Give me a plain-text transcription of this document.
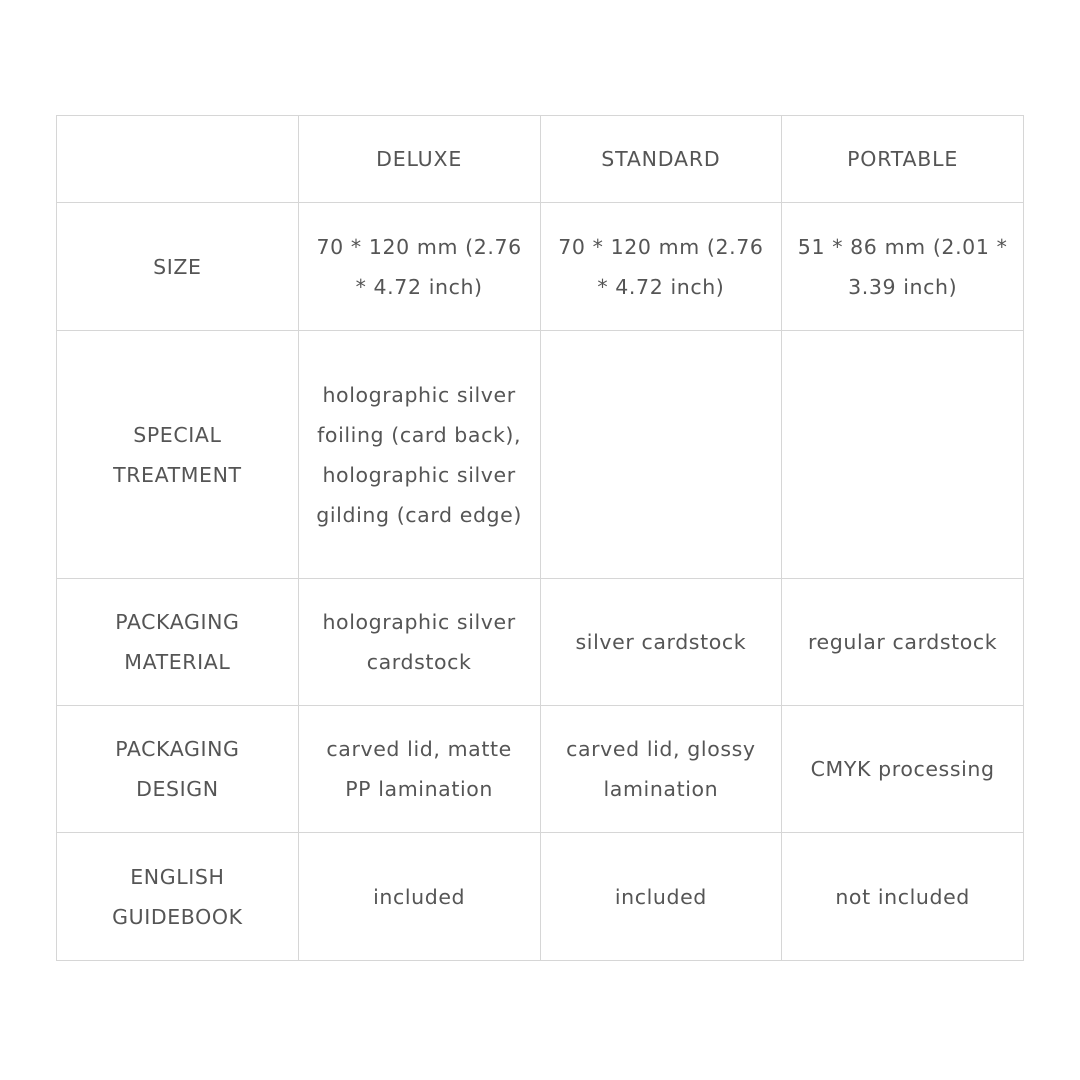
	DELUXE	STANDARD	PORTABLE
SIZE	70 * 120 mm (2.76 * 4.72 inch)	70 * 120 mm (2.76 * 4.72 inch)	51 * 86 mm (2.01 * 3.39 inch)
SPECIAL TREATMENT	holographic silver foiling (card back), holographic silver gilding (card edge)		
PACKAGING MATERIAL	holographic silver cardstock	silver cardstock	regular cardstock
PACKAGING DESIGN	carved lid, matte PP lamination	carved lid, glossy lamination	CMYK processing
ENGLISH GUIDEBOOK	included	included	not included
